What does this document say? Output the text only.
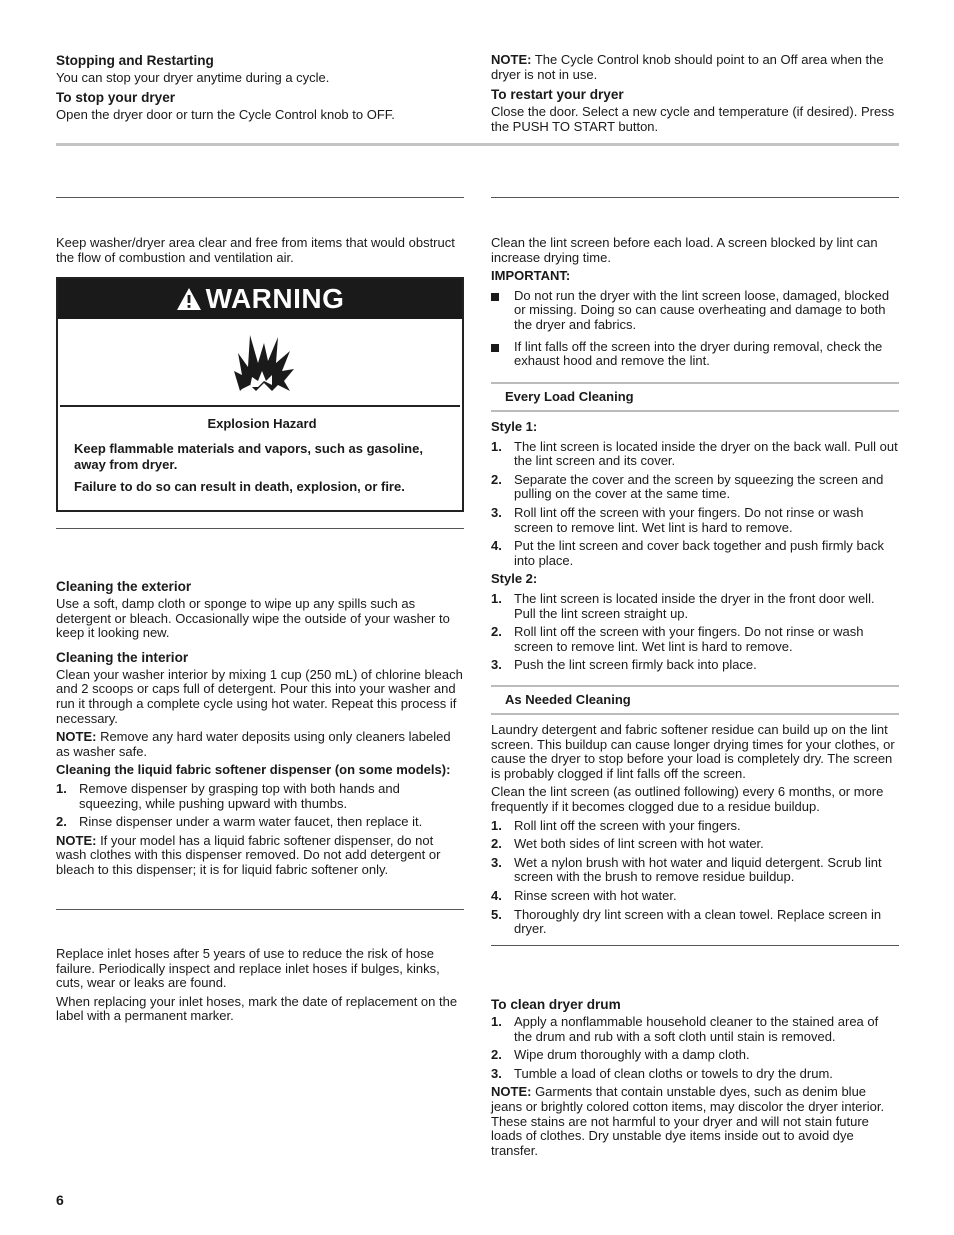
Stopping and Restarting

You can stop your dryer anytime during a cycle.

To stop your dryer

Open the dryer door or turn the Cycle Control knob to OFF.

NOTE: The Cycle Control knob should point to an Off area when the dryer is not in use.

To restart your dryer

Close the door. Select a new cycle and temperature (if desired). Press the PUSH TO START button.

Keep washer/dryer area clear and free from items that would obstruct the flow of combustion and ventilation air.

WARNING

Explosion Hazard

Keep flammable materials and vapors, such as gasoline, away from dryer.

Failure to do so can result in death, explosion, or fire.

Cleaning the exterior

Use a soft, damp cloth or sponge to wipe up any spills such as detergent or bleach. Occasionally wipe the outside of your washer to keep it looking new.

Cleaning the interior

Clean your washer interior by mixing 1 cup (250 mL) of chlorine bleach and 2 scoops or caps full of detergent. Pour this into your washer and run it through a complete cycle using hot water. Repeat this process if necessary.

NOTE: Remove any hard water deposits using only cleaners labeled as washer safe.

Cleaning the liquid fabric softener dispenser (on some models):

1. Remove dispenser by grasping top with both hands and squeezing, while pushing upward with thumbs.
2. Rinse dispenser under a warm water faucet, then replace it.

NOTE: If your model has a liquid fabric softener dispenser, do not wash clothes with this dispenser removed. Do not add detergent or bleach to this dispenser; it is for liquid fabric softener only.

Replace inlet hoses after 5 years of use to reduce the risk of hose failure. Periodically inspect and replace inlet hoses if bulges, kinks, cuts, wear or leaks are found.

When replacing your inlet hoses, mark the date of replacement on the label with a permanent marker.

Clean the lint screen before each load. A screen blocked by lint can increase drying time.

IMPORTANT:

Do not run the dryer with the lint screen loose, damaged, blocked or missing. Doing so can cause overheating and damage to both the dryer and fabrics.
If lint falls off the screen into the dryer during removal, check the exhaust hood and remove the lint.

Every Load Cleaning

Style 1:

1. The lint screen is located inside the dryer on the back wall. Pull out the lint screen and its cover.
2. Separate the cover and the screen by squeezing the screen and pulling on the cover at the same time.
3. Roll lint off the screen with your fingers. Do not rinse or wash screen to remove lint. Wet lint is hard to remove.
4. Put the lint screen and cover back together and push firmly back into place.

Style 2:

1. The lint screen is located inside the dryer in the front door well. Pull the lint screen straight up.
2. Roll lint off the screen with your fingers. Do not rinse or wash screen to remove lint. Wet lint is hard to remove.
3. Push the lint screen firmly back into place.

As Needed Cleaning

Laundry detergent and fabric softener residue can build up on the lint screen. This buildup can cause longer drying times for your clothes, or cause the dryer to stop before your load is completely dry. The screen is probably clogged if lint falls off the screen.

Clean the lint screen (as outlined following) every 6 months, or more frequently if it becomes clogged due to a residue buildup.

1. Roll lint off the screen with your fingers.
2. Wet both sides of lint screen with hot water.
3. Wet a nylon brush with hot water and liquid detergent. Scrub lint screen with the brush to remove residue buildup.
4. Rinse screen with hot water.
5. Thoroughly dry lint screen with a clean towel. Replace screen in dryer.

To clean dryer drum

1. Apply a nonflammable household cleaner to the stained area of the drum and rub with a soft cloth until stain is removed.
2. Wipe drum thoroughly with a damp cloth.
3. Tumble a load of clean cloths or towels to dry the drum.

NOTE: Garments that contain unstable dyes, such as denim blue jeans or brightly colored cotton items, may discolor the dryer interior. These stains are not harmful to your dryer and will not stain future loads of clothes. Dry unstable dye items inside out to avoid dye transfer.

6
